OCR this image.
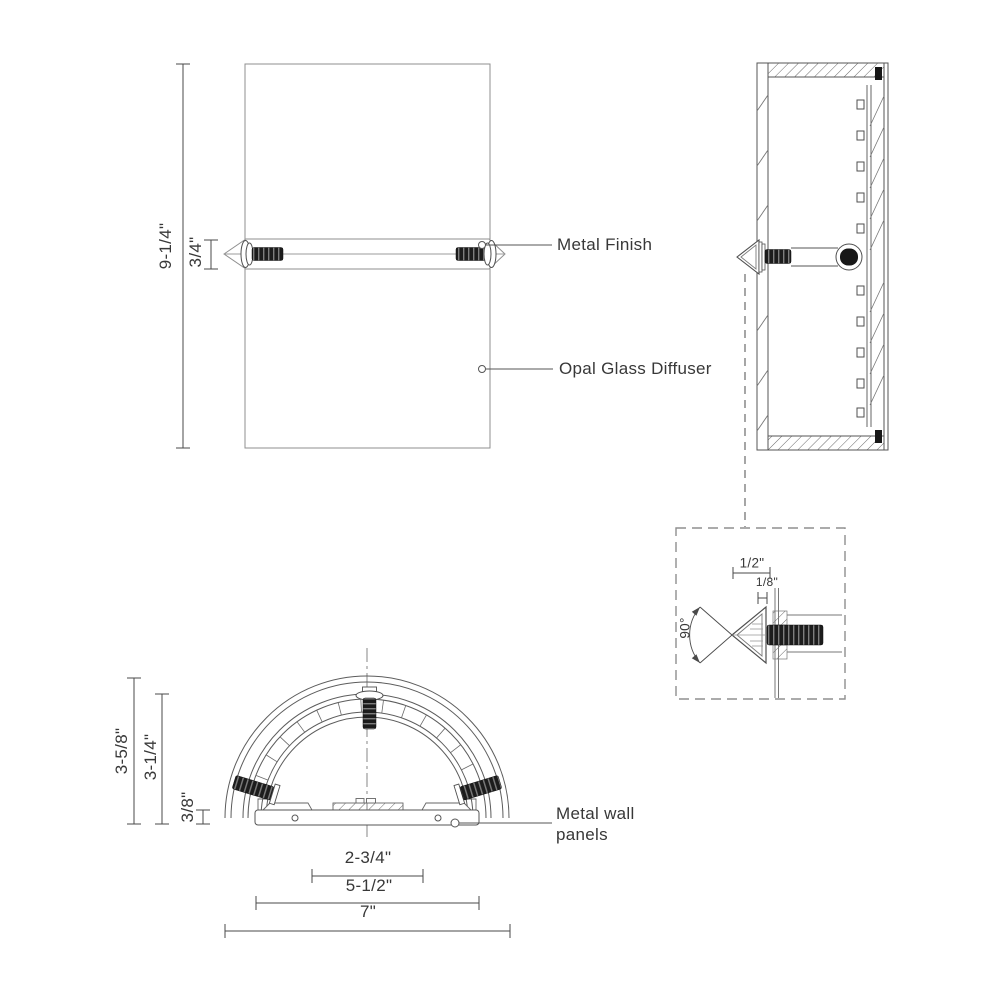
9-1/4" 3/4"	Metal Finish
Opal Glass Diffuser
1/2"
1/8"
90°
3-5/8" 3-1/4"
3/8"
2-3/4"
5-1/2"
7"
Metal wall
panels
